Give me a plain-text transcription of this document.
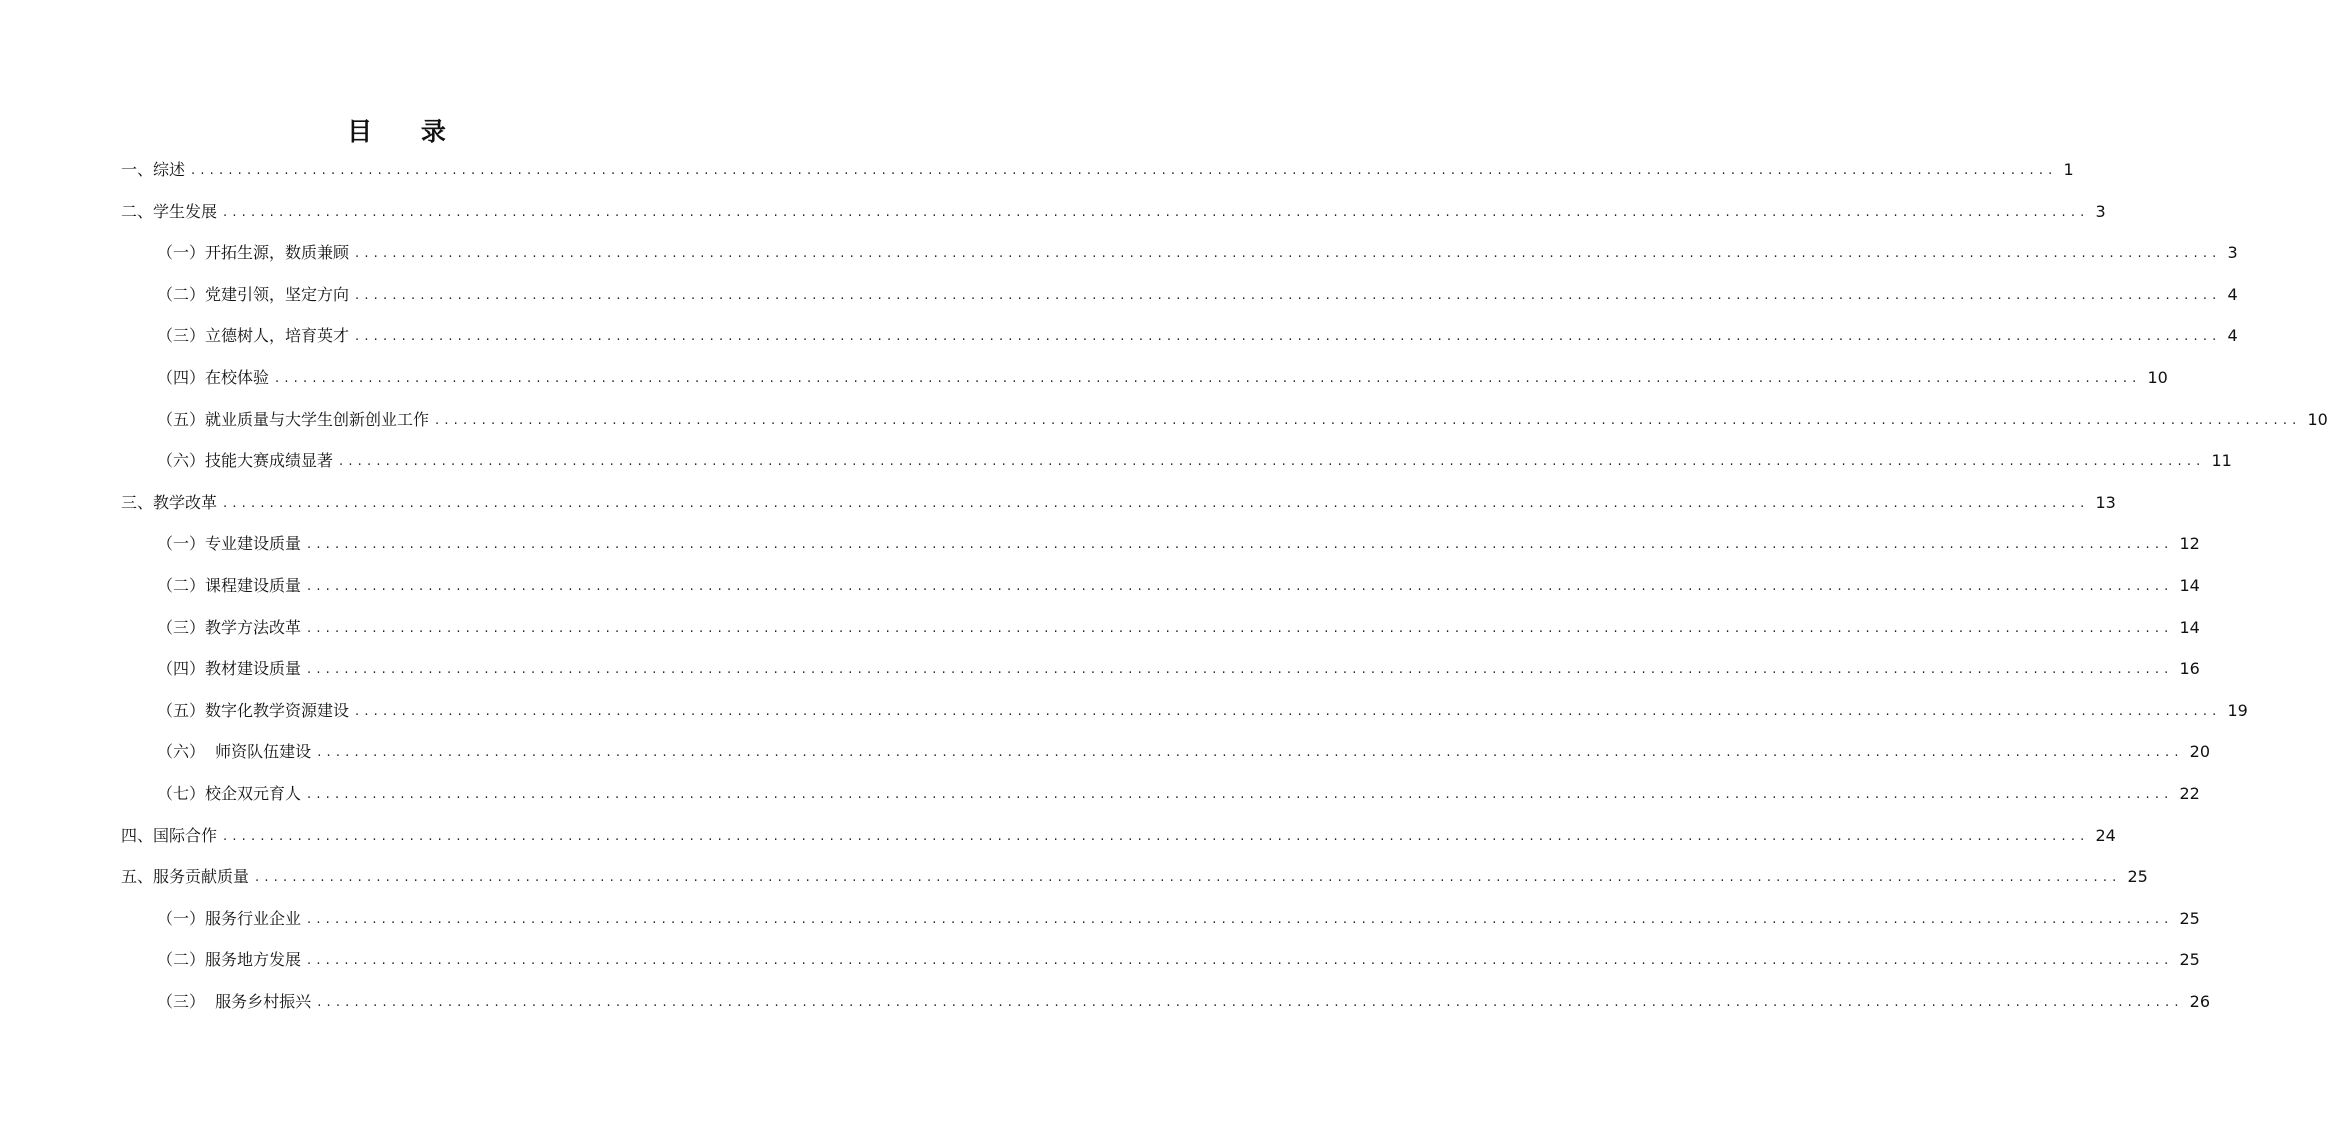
目 录
一、综述 ........................................................................................................................................................................................................ 1
二、学生发展 ........................................................................................................................................................................................................ 3
（一）开拓生源，数质兼顾 ........................................................................................................................................................................................................ 3
（二）党建引领，坚定方向 ........................................................................................................................................................................................................ 4
（三）立德树人，培育英才 ........................................................................................................................................................................................................ 4
（四）在校体验 ........................................................................................................................................................................................................ 10
（五）就业质量与大学生创新创业工作 ........................................................................................................................................................................................................ 10
（六）技能大赛成绩显著 ........................................................................................................................................................................................................ 11
三、教学改革 ........................................................................................................................................................................................................ 13
（一）专业建设质量 ........................................................................................................................................................................................................ 12
（二）课程建设质量 ........................................................................................................................................................................................................ 14
（三）教学方法改革 ........................................................................................................................................................................................................ 14
（四）教材建设质量 ........................................................................................................................................................................................................ 16
（五）数字化教学资源建设 ........................................................................................................................................................................................................ 19
（六）  师资队伍建设 ........................................................................................................................................................................................................ 20
（七）校企双元育人 ........................................................................................................................................................................................................ 22
四、国际合作 ........................................................................................................................................................................................................ 24
五、服务贡献质量 ........................................................................................................................................................................................................ 25
（一）服务行业企业 ........................................................................................................................................................................................................ 25
（二）服务地方发展 ........................................................................................................................................................................................................ 25
（三）  服务乡村振兴 ........................................................................................................................................................................................................ 26
